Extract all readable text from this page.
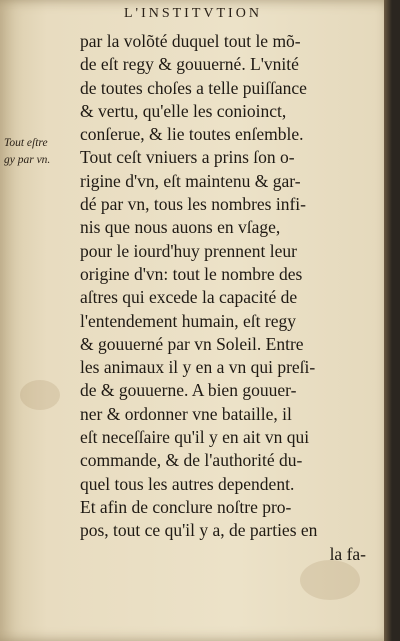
L'INSTITVTION
Tout eſtre
gy par vn.
par la volõté duquel tout le mõ-
de eſt regy & gouuerné. L'vnité
de toutes choſes a telle puiſſance
& vertu, qu'elle les conioinct,
conſerue, & lie toutes enſemble.
Tout ceſt vniuers a prins ſon o-
rigine d'vn, eſt maintenu & gar-
dé par vn, tous les nombres infi-
nis que nous auons en vſage,
pour le iourd'huy prennent leur
origine d'vn: tout le nombre des
aſtres qui excede la capacité de
l'entendement humain, eſt regy
& gouuerné par vn Soleil. Entre
les animaux il y en a vn qui preſi-
de & gouuerne. A bien gouuer-
ner & ordonner vne bataille, il
eſt neceſſaire qu'il y en ait vn qui
commande, & de l'authorité du-
quel tous les autres dependent.
Et afin de conclure noſtre pro-
pos, tout ce qu'il y a, de parties en
la fa-
